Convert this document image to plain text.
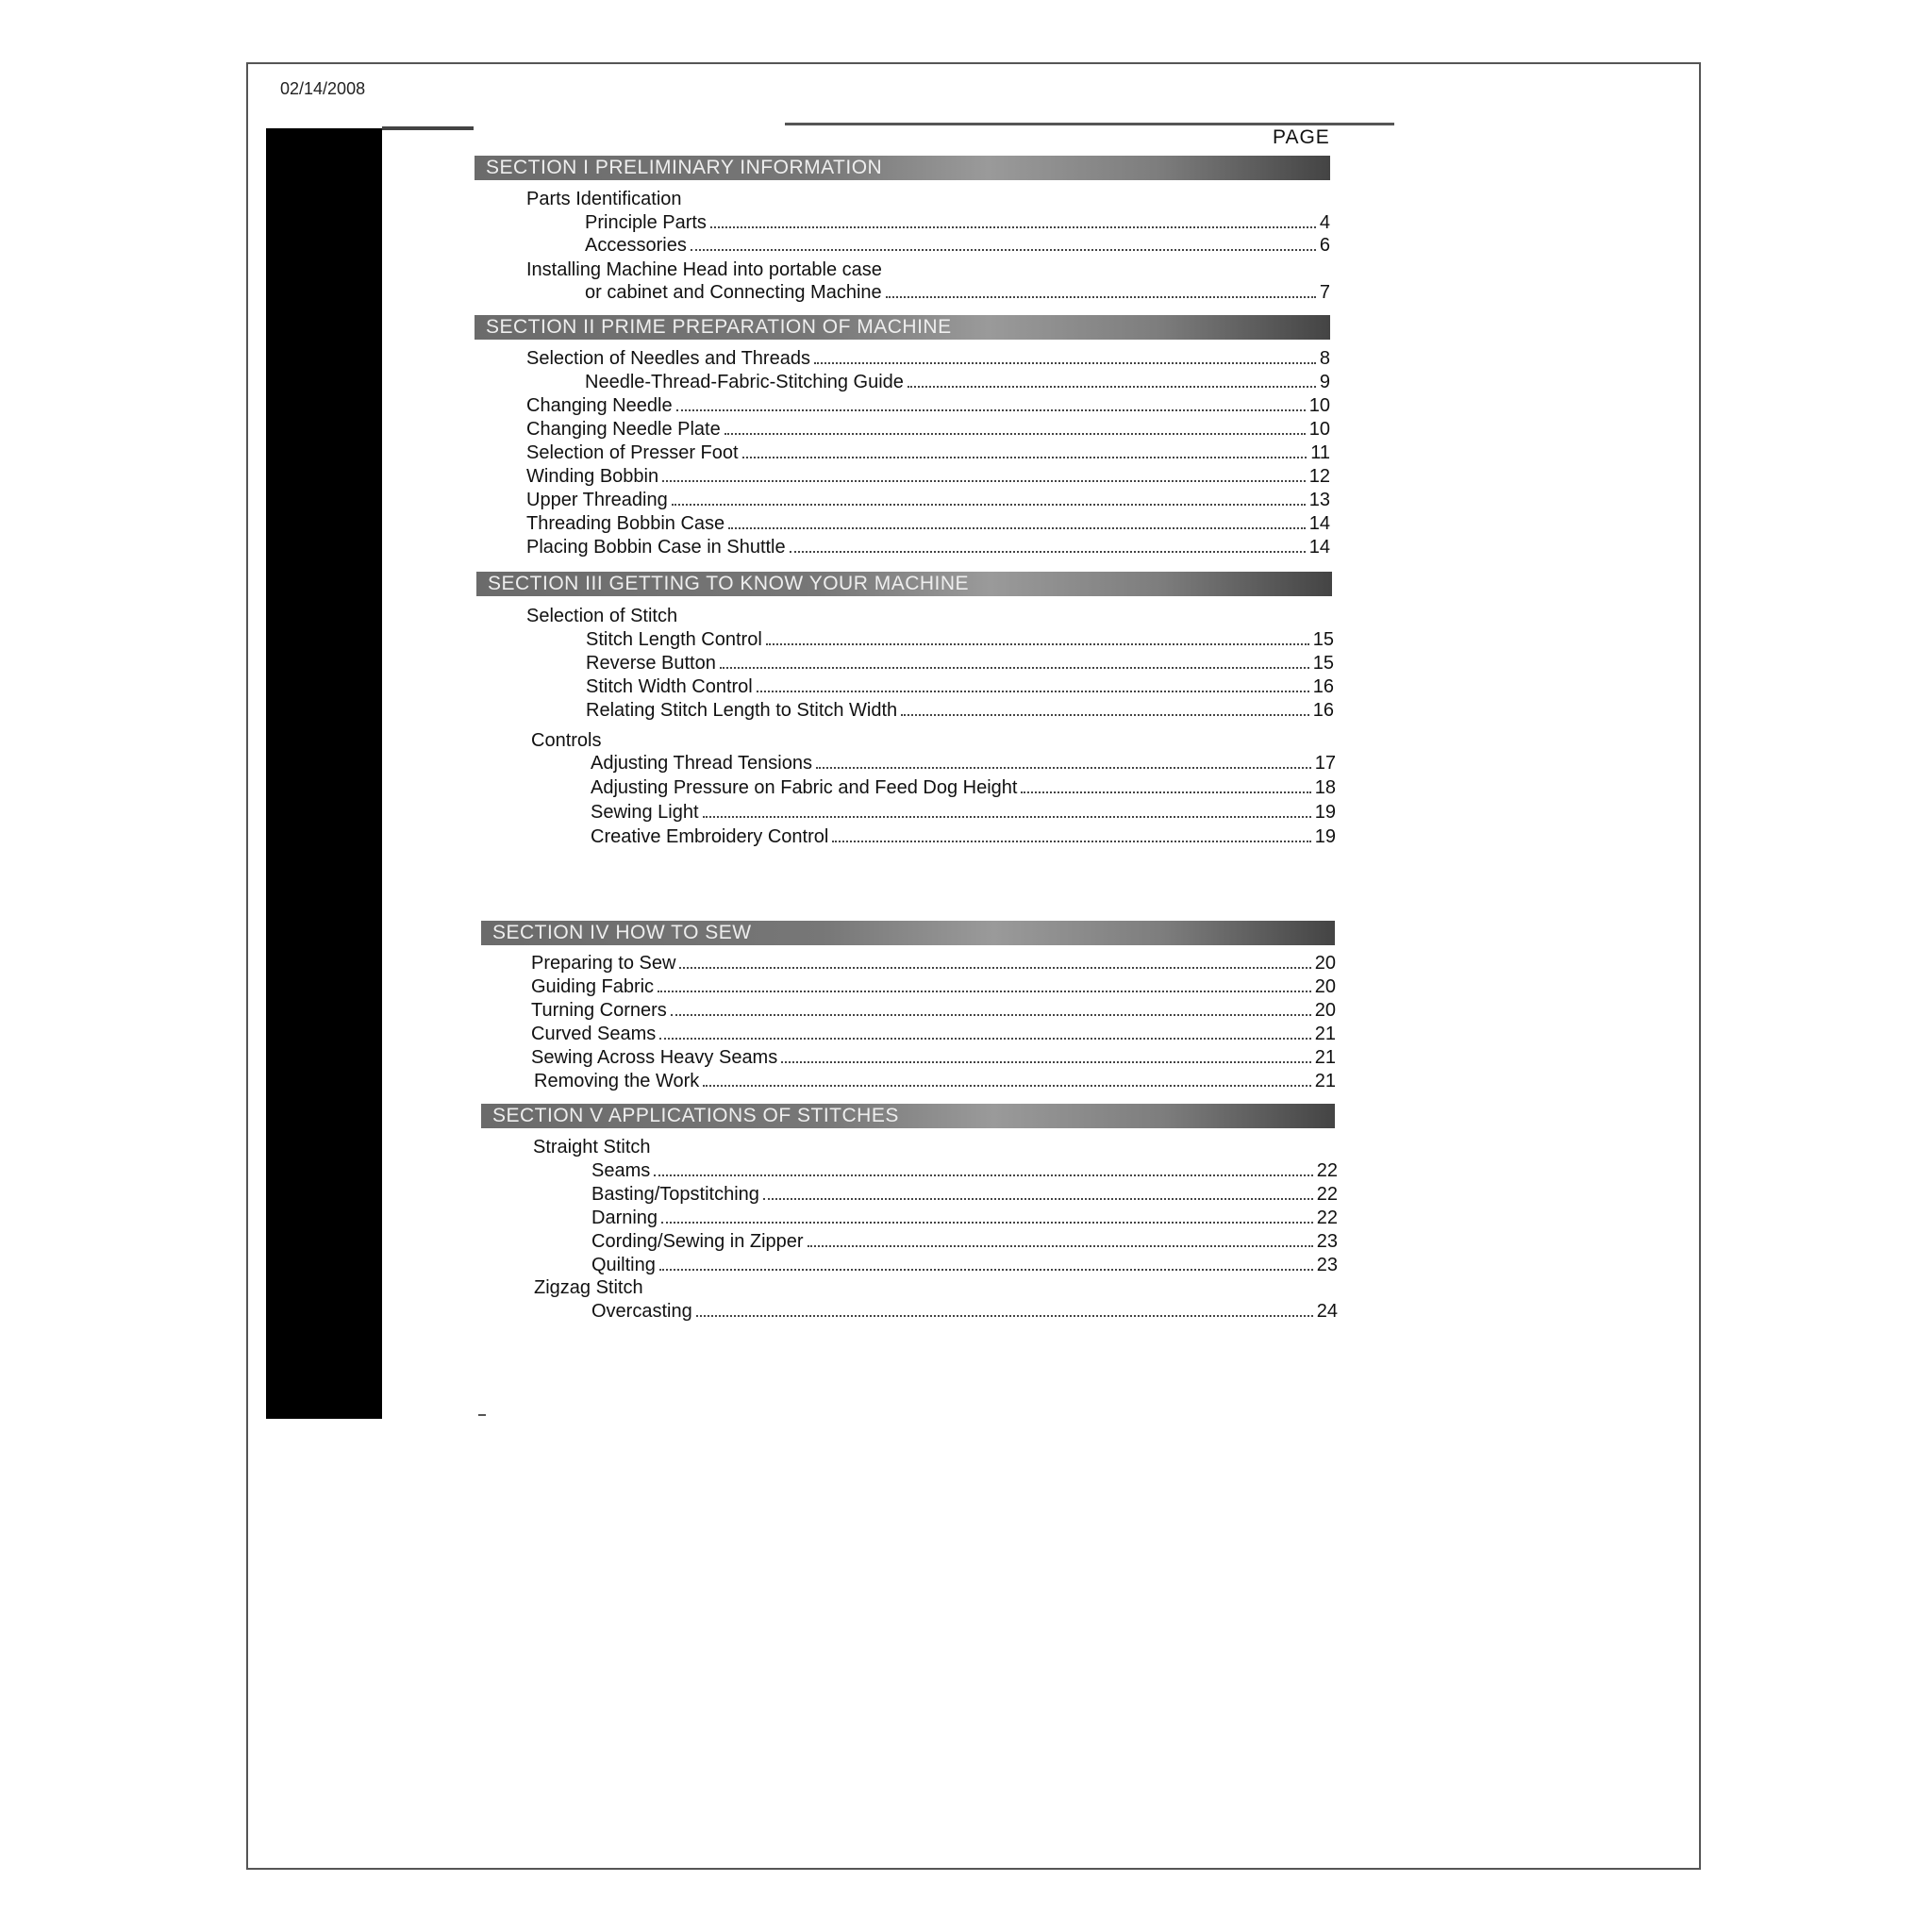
02/14/2008
PAGE
SECTION I PRELIMINARY INFORMATION
Parts Identification
Principle Parts	4
Accessories	6
Installing Machine Head into portable case
or cabinet and Connecting Machine	7
SECTION II PRIME PREPARATION OF MACHINE
Selection of Needles and Threads	8
Needle-Thread-Fabric-Stitching Guide	9
Changing Needle	10
Changing Needle Plate	10
Selection of Presser Foot	11
Winding Bobbin	12
Upper Threading	13
Threading Bobbin Case	14
Placing Bobbin Case in Shuttle	14
SECTION III GETTING TO KNOW YOUR MACHINE
Selection of Stitch
Stitch Length Control	15
Reverse Button	15
Stitch Width Control	16
Relating Stitch Length to Stitch Width	16
Controls
Adjusting Thread Tensions	17
Adjusting Pressure on Fabric and Feed Dog Height	18
Sewing Light	19
Creative Embroidery Control	19
SECTION IV HOW TO SEW
Preparing to Sew	20
Guiding Fabric	20
Turning Corners	20
Curved Seams	21
Sewing Across Heavy Seams	21
Removing the Work	21
SECTION V APPLICATIONS OF STITCHES
Straight Stitch
Seams	22
Basting/Topstitching	22
Darning	22
Cording/Sewing in Zipper	23
Quilting	23
Zigzag Stitch
Overcasting	24
